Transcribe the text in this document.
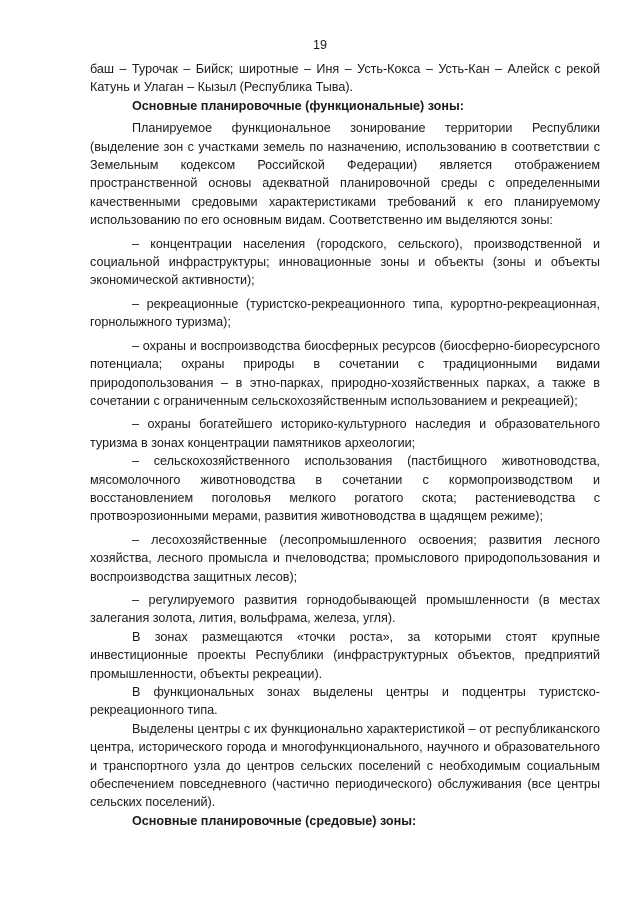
19

баш – Турочак – Бийск; широтные – Иня – Усть-Кокса – Усть-Кан – Алейск с рекой Катунь и Улаган – Кызыл (Республика Тыва).

Основные планировочные (функциональные) зоны:

Планируемое функциональное зонирование территории Республики (выделение зон с участками земель по назначению, использованию в соответствии с Земельным кодексом Российской Федерации) является отображением пространственной основы адекватной планировочной среды с определенными качественными средовыми характеристиками требований к его планируемому использованию по его основным видам. Соответственно им выделяются зоны:

– концентрации населения (городского, сельского), производственной и социальной инфраструктуры; инновационные зоны и объекты (зоны и объекты экономической активности);

– рекреационные (туристско-рекреационного типа, курортно-рекреационная, горнолыжного туризма);

– охраны и воспроизводства биосферных ресурсов (биосферно-биоресурсного потенциала; охраны природы в сочетании с традиционными видами природопользования – в этно-парках, природно-хозяйственных парках, а также в сочетании с ограниченным сельскохозяйственным использованием и рекреацией);

– охраны богатейшего историко-культурного наследия и образовательного туризма в зонах концентрации памятников археологии;

– сельскохозяйственного использования (пастбищного животноводства, мясомолочного животноводства в сочетании с кормопроизводством и восстановлением поголовья мелкого рогатого скота; растениеводства с протвоэрозионными мерами, развития животноводства в щадящем режиме);

– лесохозяйственные (лесопромышленного освоения; развития лесного хозяйства, лесного промысла и пчеловодства; промыслового природопользования и воспроизводства защитных лесов);

– регулируемого развития горнодобывающей промышленности (в местах залегания золота, лития, вольфрама, железа, угля).

В зонах размещаются «точки роста», за которыми стоят крупные инвестиционные проекты Республики (инфраструктурных объектов, предприятий промышленности, объекты рекреации).

В функциональных зонах выделены центры и подцентры туристско-рекреационного типа.

Выделены центры с их функционально характеристикой – от республиканского центра, исторического города и многофункционального, научного и образовательного и транспортного узла до центров сельских поселений с необходимым социальным обеспечением повседневного (частично периодического) обслуживания (все центры сельских поселений).

Основные планировочные (средовые) зоны:
